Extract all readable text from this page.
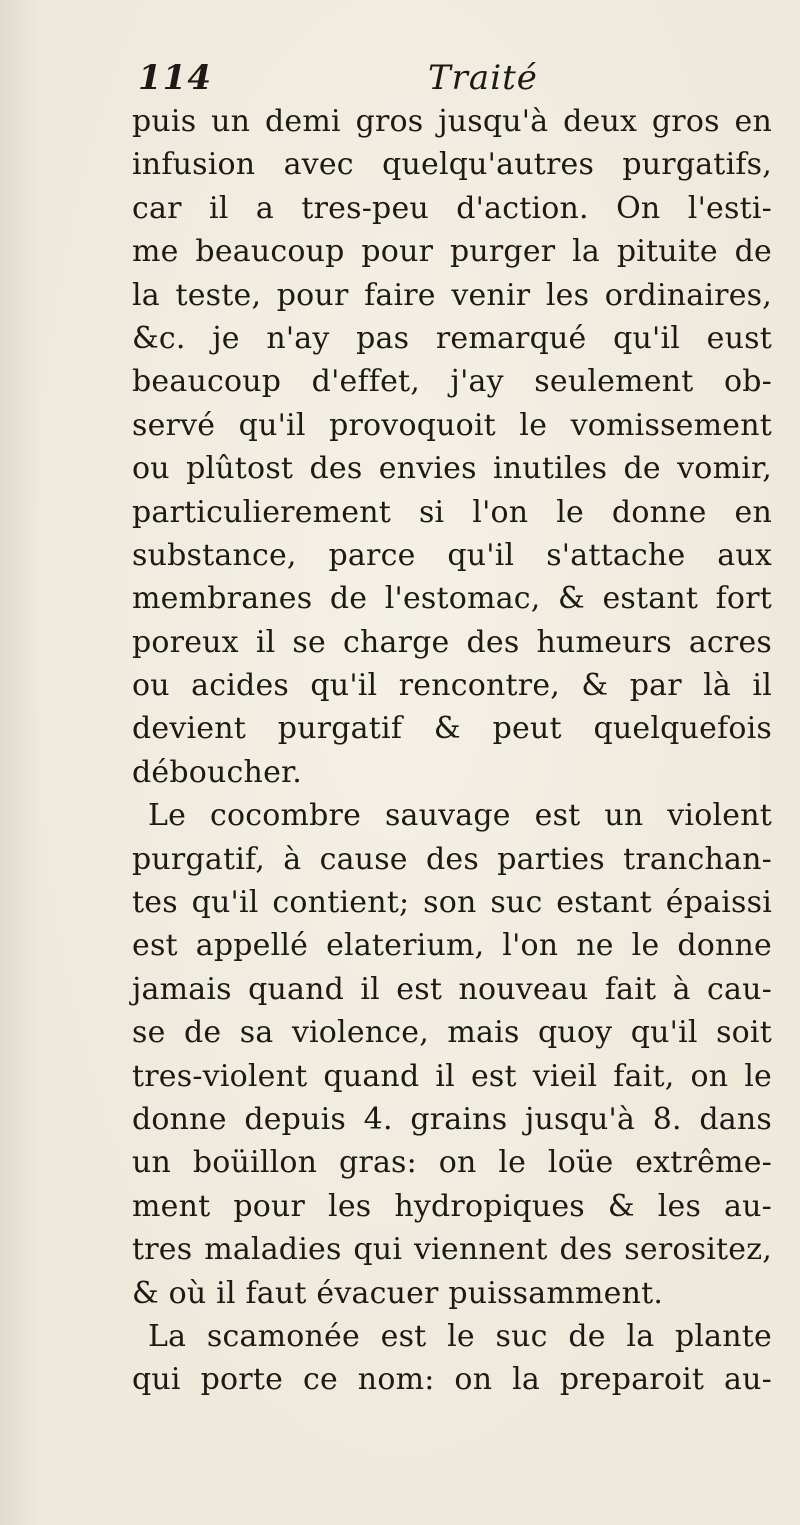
114	Traité
puis un demi gros jusqu'à deux gros en
infusion avec quelqu'autres purgatifs,
car il a tres-peu d'action. On l'esti-
me beaucoup pour purger la pituite de
la teste, pour faire venir les ordinaires,
&c. je n'ay pas remarqué qu'il eust
beaucoup d'effet, j'ay seulement ob-
servé qu'il provoquoit le vomissement
ou plûtost des envies inutiles de vomir,
particulierement si l'on le donne en
substance, parce qu'il s'attache aux
membranes de l'estomac, & estant fort
poreux il se charge des humeurs acres
ou acides qu'il rencontre, & par là il
devient purgatif & peut quelquefois
déboucher.
Le cocombre sauvage est un violent
purgatif, à cause des parties tranchan-
tes qu'il contient; son suc estant épaissi
est appellé elaterium, l'on ne le donne
jamais quand il est nouveau fait à cau-
se de sa violence, mais quoy qu'il soit
tres-violent quand il est vieil fait, on le
donne depuis 4. grains jusqu'à 8. dans
un boüillon gras: on le loüe extrême-
ment pour les hydropiques & les au-
tres maladies qui viennent des serositez,
& où il faut évacuer puissamment.
La scamonée est le suc de la plante
qui porte ce nom: on la preparoit au-
